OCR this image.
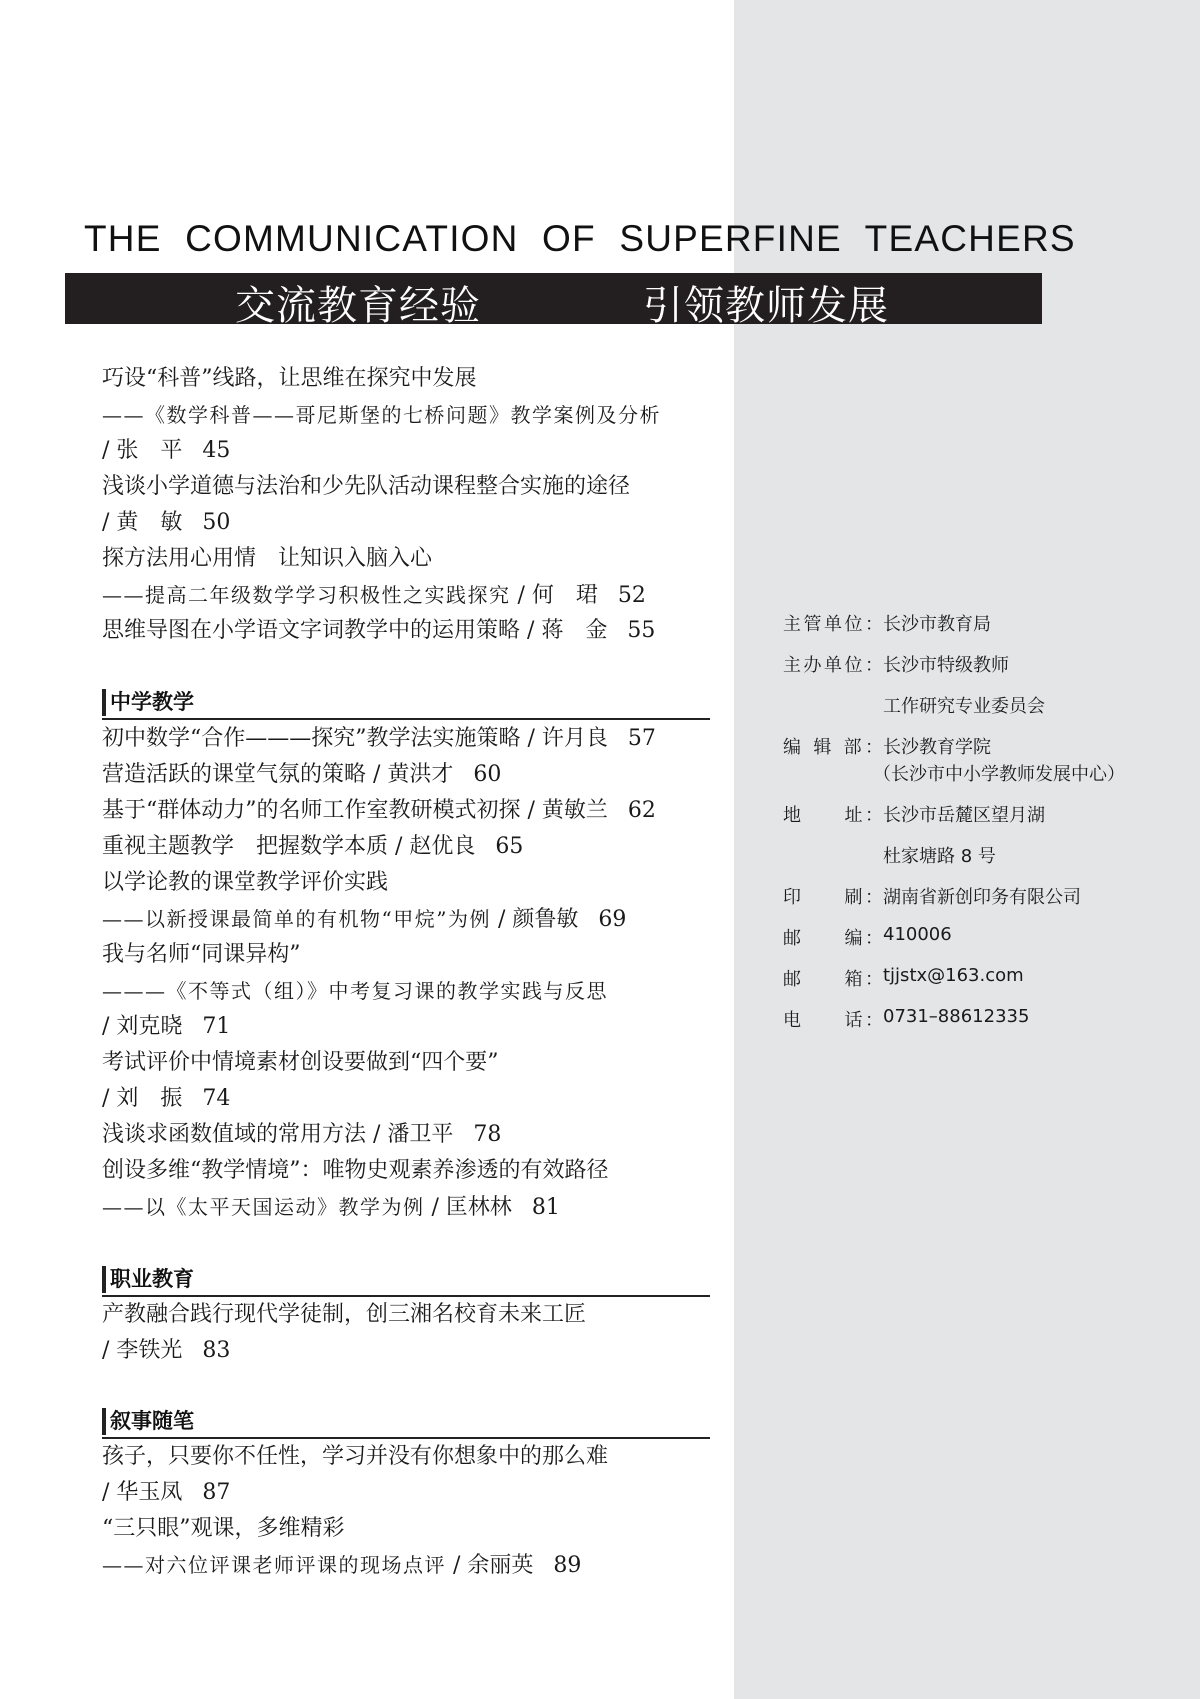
THE COMMUNICATION OF SUPERFINE TEACHERS
交流教育经验	引领教师发展
巧设“科普”线路，让思维在探究中发展
——《数学科普——哥尼斯堡的七桥问题》教学案例及分析
/ 张　平 45
浅谈小学道德与法治和少先队活动课程整合实施的途径
/ 黄　敏 50
探方法用心用情　让知识入脑入心
——提高二年级数学学习积极性之实践探究 / 何　珺 52
思维导图在小学语文字词教学中的运用策略 / 蒋　金 55
中学教学
初中数学“合作———探究”教学法实施策略 / 许月良 57
营造活跃的课堂气氛的策略 / 黄洪才 60
基于“群体动力”的名师工作室教研模式初探 / 黄敏兰 62
重视主题教学　把握数学本质 / 赵优良 65
以学论教的课堂教学评价实践
——以新授课最简单的有机物“甲烷”为例 / 颜鲁敏 69
我与名师“同课异构”
———《不等式（组）》中考复习课的教学实践与反思
/ 刘克晓 71
考试评价中情境素材创设要做到“四个要”
/ 刘　振 74
浅谈求函数值域的常用方法 / 潘卫平 78
创设多维“教学情境”：唯物史观素养渗透的有效路径
——以《太平天国运动》教学为例 / 匡林林 81
职业教育
产教融合践行现代学徒制，创三湘名校育未来工匠
/ 李铁光 83
叙事随笔
孩子，只要你不任性，学习并没有你想象中的那么难
/ 华玉凤 87
“三只眼”观课，多维精彩
——对六位评课老师评课的现场点评 / 余丽英 89
主管单位： 长沙市教育局
主办单位： 长沙市特级教师
工作研究专业委员会
编 辑 部： 长沙教育学院
（长沙市中小学教师发展中心）
地　　址： 长沙市岳麓区望月湖
杜家塘路 8 号
印　　刷： 湖南省新创印务有限公司
邮　　编： 410006
邮　　箱： tjjstx@163.com
电　　话： 0731–88612335
